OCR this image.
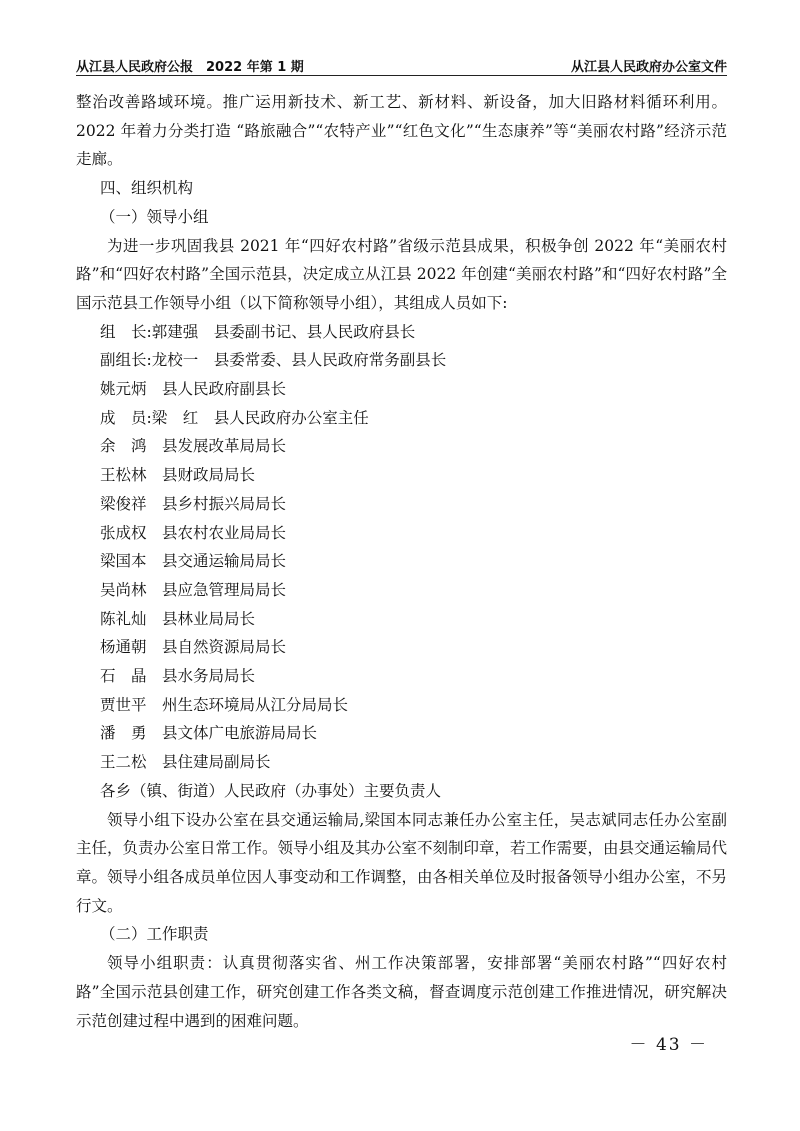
从江县人民政府公报　2022 年第 1 期	从江县人民政府办公室文件

整治改善路域环境。推广运用新技术、新工艺、新材料、新设备，加大旧路材料循环利用。2022 年着力分类打造 “路旅融合”“农特产业”“红色文化”“生态康养”等“美丽农村路”经济示范走廊。

四、组织机构

（一）领导小组

为进一步巩固我县 2021 年“四好农村路”省级示范县成果，积极争创 2022 年“美丽农村路”和“四好农村路”全国示范县，决定成立从江县 2022 年创建“美丽农村路”和“四好农村路”全国示范县工作领导小组（以下简称领导小组），其组成人员如下:

组　长: 郭建强
　 县委副书记、县人民政府县长

副组长: 龙校一
　 县委常委、县人民政府常务副县长

姚元炳
　 县人民政府副县长

成　员: 梁　红
　 县人民政府办公室主任

余　鸿
　 县发展改革局局长

王松林
　 县财政局局长

梁俊祥
　 县乡村振兴局局长

张成权
　 县农村农业局局长

梁国本
　 县交通运输局局长

吴尚林
　 县应急管理局局长

陈礼灿
　 县林业局局长

杨通朝
　 县自然资源局局长

石　晶
　 县水务局局长

贾世平
　 州生态环境局从江分局局长

潘　勇
　 县文体广电旅游局局长

王二松
　 县住建局副局长

各乡（镇、街道）人民政府（办事处）主要负责人

领导小组下设办公室在县交通运输局,梁国本同志兼任办公室主任，吴志斌同志任办公室副主任，负责办公室日常工作。领导小组及其办公室不刻制印章，若工作需要，由县交通运输局代章。领导小组各成员单位因人事变动和工作调整，由各相关单位及时报备领导小组办公室，不另行文。

（二）工作职责

领导小组职责：认真贯彻落实省、州工作决策部署，安排部署“美丽农村路”“四好农村路”全国示范县创建工作，研究创建工作各类文稿，督查调度示范创建工作推进情况，研究解决示范创建过程中遇到的困难问题。

－ 43 －
